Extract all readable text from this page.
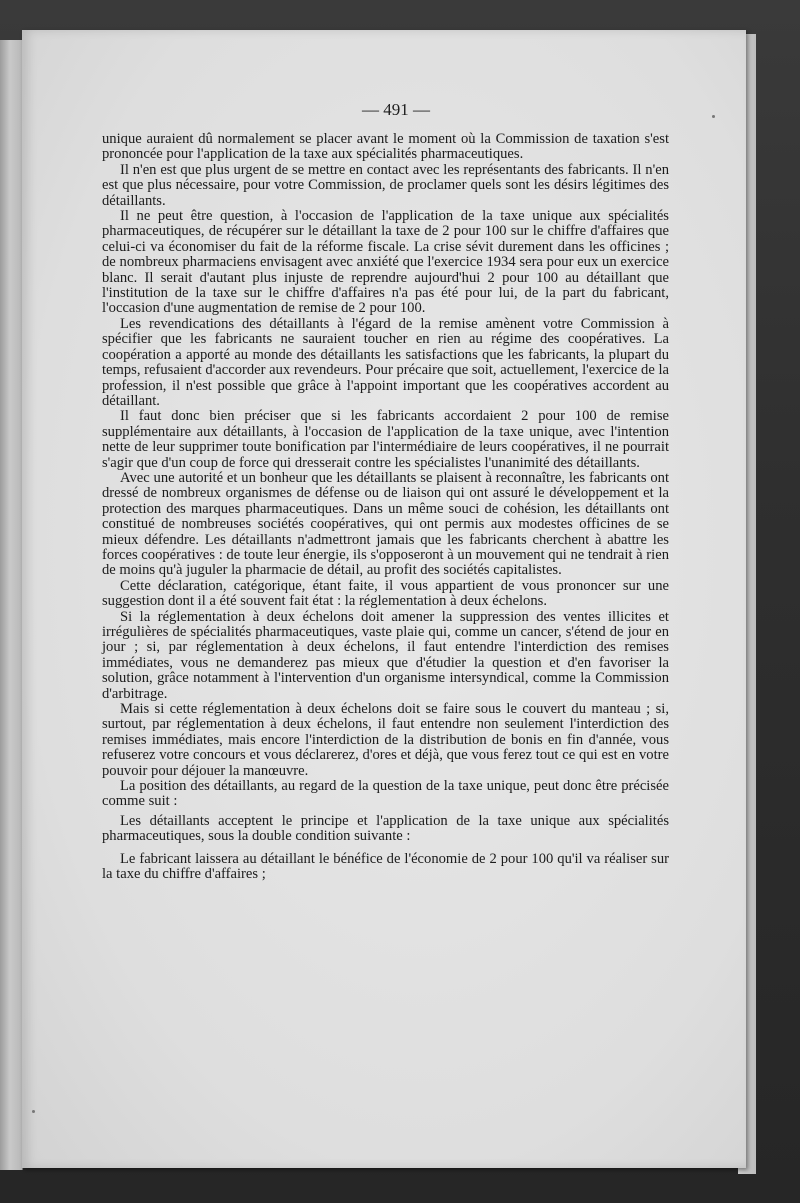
— 491 —

unique auraient dû normalement se placer avant le moment où la Commission de taxation s'est prononcée pour l'application de la taxe aux spécialités pharmaceutiques.

Il n'en est que plus urgent de se mettre en contact avec les représentants des fabricants. Il n'en est que plus nécessaire, pour votre Commission, de proclamer quels sont les désirs légitimes des détaillants.

Il ne peut être question, à l'occasion de l'application de la taxe unique aux spécialités pharmaceutiques, de récupérer sur le détaillant la taxe de 2 pour 100 sur le chiffre d'affaires que celui-ci va économiser du fait de la réforme fiscale. La crise sévit durement dans les officines ; de nombreux pharmaciens envisagent avec anxiété que l'exercice 1934 sera pour eux un exercice blanc. Il serait d'autant plus injuste de reprendre aujourd'hui 2 pour 100 au détaillant que l'institution de la taxe sur le chiffre d'affaires n'a pas été pour lui, de la part du fabricant, l'occasion d'une augmentation de remise de 2 pour 100.

Les revendications des détaillants à l'égard de la remise amènent votre Commission à spécifier que les fabricants ne sauraient toucher en rien au régime des coopératives. La coopération a apporté au monde des détaillants les satisfactions que les fabricants, la plupart du temps, refusaient d'accorder aux revendeurs. Pour précaire que soit, actuellement, l'exercice de la profession, il n'est possible que grâce à l'appoint important que les coopératives accordent au détaillant.

Il faut donc bien préciser que si les fabricants accordaient 2 pour 100 de remise supplémentaire aux détaillants, à l'occasion de l'application de la taxe unique, avec l'intention nette de leur supprimer toute bonification par l'intermédiaire de leurs coopératives, il ne pourrait s'agir que d'un coup de force qui dresserait contre les spécialistes l'unanimité des détaillants.

Avec une autorité et un bonheur que les détaillants se plaisent à reconnaître, les fabricants ont dressé de nombreux organismes de défense ou de liaison qui ont assuré le développement et la protection des marques pharmaceutiques. Dans un même souci de cohésion, les détaillants ont constitué de nombreuses sociétés coopératives, qui ont permis aux modestes officines de se mieux défendre. Les détaillants n'admettront jamais que les fabricants cherchent à abattre les forces coopératives : de toute leur énergie, ils s'opposeront à un mouvement qui ne tendrait à rien de moins qu'à juguler la pharmacie de détail, au profit des sociétés capitalistes.

Cette déclaration, catégorique, étant faite, il vous appartient de vous prononcer sur une suggestion dont il a été souvent fait état : la réglementation à deux échelons.

Si la réglementation à deux échelons doit amener la suppression des ventes illicites et irrégulières de spécialités pharmaceutiques, vaste plaie qui, comme un cancer, s'étend de jour en jour ; si, par réglementation à deux échelons, il faut entendre l'interdiction des remises immédiates, vous ne demanderez pas mieux que d'étudier la question et d'en favoriser la solution, grâce notamment à l'intervention d'un organisme intersyndical, comme la Commission d'arbitrage.

Mais si cette réglementation à deux échelons doit se faire sous le couvert du manteau ; si, surtout, par réglementation à deux échelons, il faut entendre non seulement l'interdiction des remises immédiates, mais encore l'interdiction de la distribution de bonis en fin d'année, vous refuserez votre concours et vous déclarerez, d'ores et déjà, que vous ferez tout ce qui est en votre pouvoir pour déjouer la manœuvre.

La position des détaillants, au regard de la question de la taxe unique, peut donc être précisée comme suit :

Les détaillants acceptent le principe et l'application de la taxe unique aux spécialités pharmaceutiques, sous la double condition suivante :

Le fabricant laissera au détaillant le bénéfice de l'économie de 2 pour 100 qu'il va réaliser sur la taxe du chiffre d'affaires ;
